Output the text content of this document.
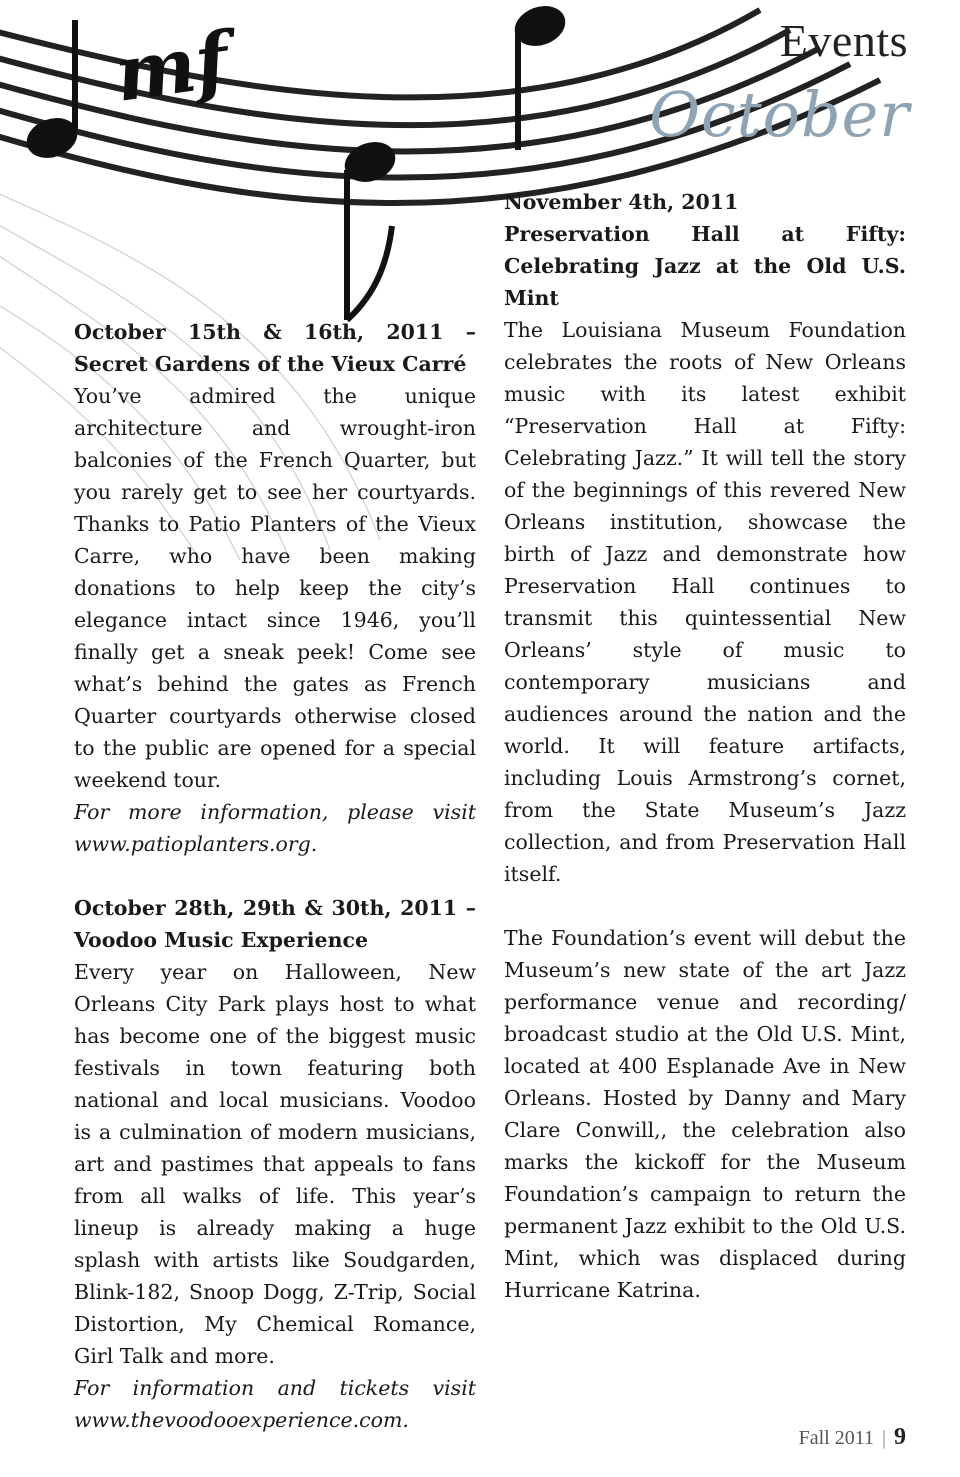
mf	Events
October

October 15th & 16th, 2011 – Secret Gardens of the Vieux Carré

You’ve admired the unique architecture and wrought-iron balconies of the French Quarter, but you rarely get to see her courtyards. Thanks to Patio Planters of the Vieux Carre, who have been making donations to help keep the city’s elegance intact since 1946, you’ll finally get a sneak peek! Come see what’s behind the gates as French Quarter courtyards otherwise closed to the public are opened for a special weekend tour.

For more information, please visit www.patioplanters.org.

October 28th, 29th & 30th, 2011 – Voodoo Music Experience

Every year on Halloween, New Orleans City Park plays host to what has become one of the biggest music festivals in town featuring both national and local musicians. Voodoo is a culmination of modern musicians, art and pastimes that appeals to fans from all walks of life. This year’s lineup is already making a huge splash with artists like Soudgarden, Blink-182, Snoop Dogg, Z-Trip, Social Distortion, My Chemical Romance, Girl Talk and more.

For information and tickets visit www.thevoodooexperience.com.

November 4th, 2011

Preservation Hall at Fifty: Celebrating Jazz at the Old U.S. Mint

The Louisiana Museum Foundation celebrates the roots of New Orleans music with its latest exhibit “Preservation Hall at Fifty: Celebrating Jazz.” It will tell the story of the beginnings of this revered New Orleans institution, showcase the birth of Jazz and demonstrate how Preservation Hall continues to transmit this quintessential New Orleans’ style of music to contemporary musicians and audiences around the nation and the world. It will feature artifacts, including Louis Armstrong’s cornet, from the State Museum’s Jazz collection, and from Preservation Hall itself.

The Foundation’s event will debut the Museum’s new state of the art Jazz performance venue and recording/ broadcast studio at the Old U.S. Mint, located at 400 Esplanade Ave in New Orleans. Hosted by Danny and Mary Clare Conwill,, the celebration also marks the kickoff for the Museum Foundation’s campaign to return the permanent Jazz exhibit to the Old U.S. Mint, which was displaced during Hurricane Katrina.

Fall 2011 | 9
